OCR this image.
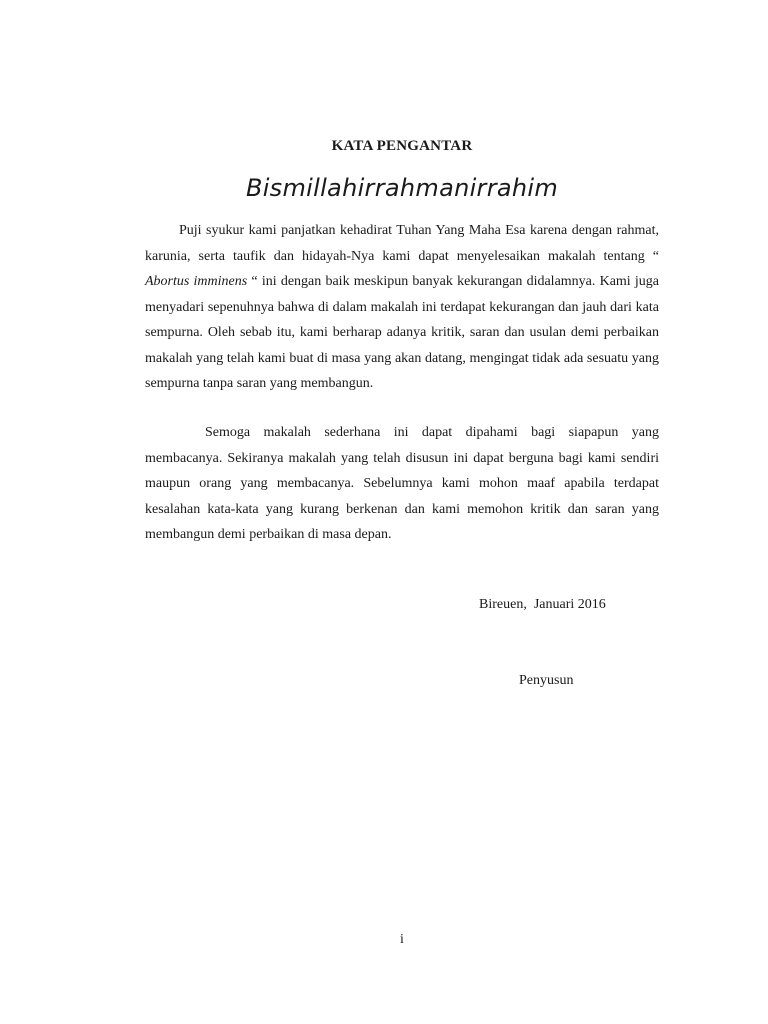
KATA PENGANTAR
Bismillahirrahmanirrahim

Puji syukur kami panjatkan kehadirat Tuhan Yang Maha Esa karena dengan rahmat, karunia, serta taufik dan hidayah-Nya kami dapat menyelesaikan makalah tentang “ Abortus imminens “ ini dengan baik meskipun banyak kekurangan didalamnya. Kami juga menyadari sepenuhnya bahwa di dalam makalah ini terdapat kekurangan dan jauh dari kata sempurna. Oleh sebab itu, kami berharap adanya kritik, saran dan usulan demi perbaikan makalah yang telah kami buat di masa yang akan datang, mengingat tidak ada sesuatu yang sempurna tanpa saran yang membangun.

Semoga makalah sederhana ini dapat dipahami bagi siapapun yang membacanya. Sekiranya makalah yang telah disusun ini dapat berguna bagi kami sendiri maupun orang yang membacanya. Sebelumnya kami mohon maaf apabila terdapat kesalahan kata-kata yang kurang berkenan dan kami memohon kritik dan saran yang membangun demi perbaikan di masa depan.

Bireuen,  Januari 2016
Penyusun
i
